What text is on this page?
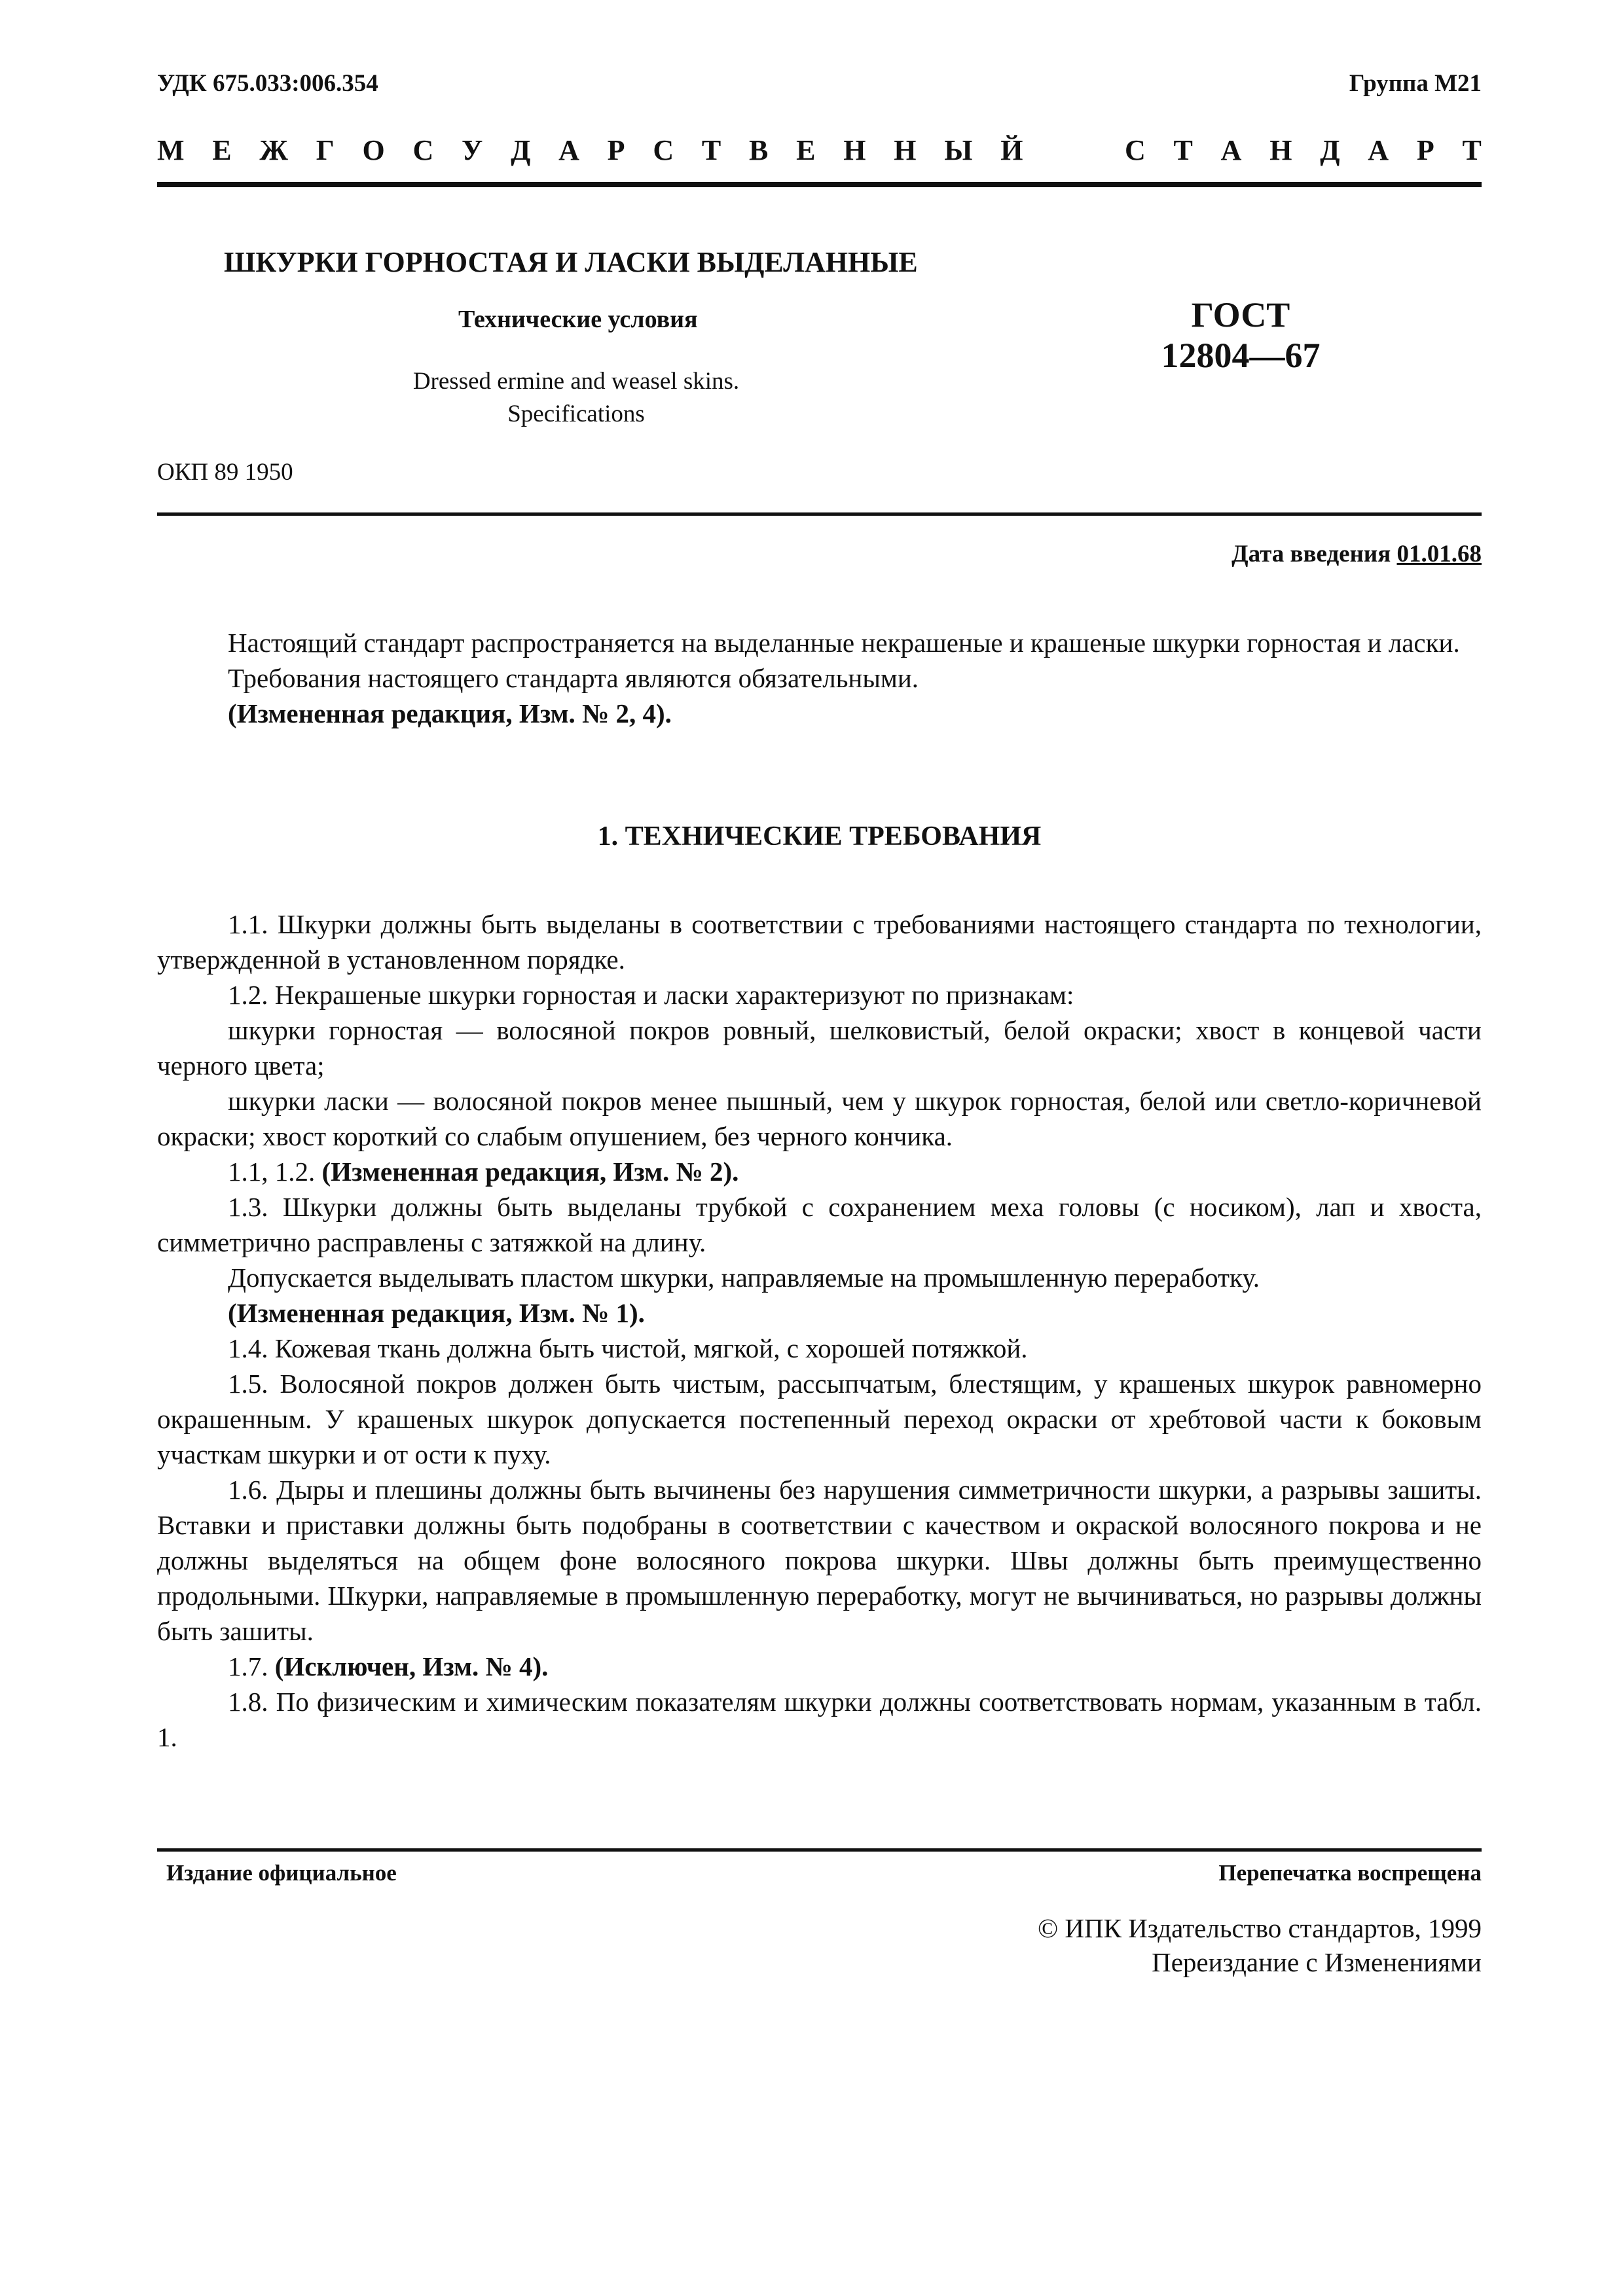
УДК 675.033:006.354	Группа М21
М Е Ж Г О С У Д А Р С Т В Е Н Н Ы Й	С Т А Н Д А Р Т
ШКУРКИ ГОРНОСТАЯ И ЛАСКИ ВЫДЕЛАННЫЕ
Технические условия
Dressed ermine and weasel skins.
Specifications
ГОСТ
12804—67
ОКП 89 1950
Дата введения 01.01.68

Настоящий стандарт распространяется на выделанные некрашеные и крашеные шкурки горностая и ласки.

Требования настоящего стандарта являются обязательными.

(Измененная редакция, Изм. № 2, 4).

1. ТЕХНИЧЕСКИЕ ТРЕБОВАНИЯ

1.1. Шкурки должны быть выделаны в соответствии с требованиями настоящего стандарта по технологии, утвержденной в установленном порядке.

1.2. Некрашеные шкурки горностая и ласки характеризуют по признакам:

шкурки горностая — волосяной покров ровный, шелковистый, белой окраски; хвост в концевой части черного цвета;

шкурки ласки — волосяной покров менее пышный, чем у шкурок горностая, белой или светло-коричневой окраски; хвост короткий со слабым опушением, без черного кончика.

1.1, 1.2. (Измененная редакция, Изм. № 2).

1.3. Шкурки должны быть выделаны трубкой с сохранением меха головы (с носиком), лап и хвоста, симметрично расправлены с затяжкой на длину.

Допускается выделывать пластом шкурки, направляемые на промышленную переработку.

(Измененная редакция, Изм. № 1).

1.4. Кожевая ткань должна быть чистой, мягкой, с хорошей потяжкой.

1.5. Волосяной покров должен быть чистым, рассыпчатым, блестящим, у крашеных шкурок равномерно окрашенным. У крашеных шкурок допускается постепенный переход окраски от хребтовой части к боковым участкам шкурки и от ости к пуху.

1.6. Дыры и плешины должны быть вычинены без нарушения симметричности шкурки, а разрывы зашиты. Вставки и приставки должны быть подобраны в соответствии с качеством и окраской волосяного покрова и не должны выделяться на общем фоне волосяного покрова шкурки. Швы должны быть преимущественно продольными. Шкурки, направляемые в промышленную переработку, могут не вычиниваться, но разрывы должны быть зашиты.

1.7. (Исключен, Изм. № 4).

1.8. По физическим и химическим показателям шкурки должны соответствовать нормам, указанным в табл. 1.

Издание официальное	Перепечатка воспрещена
© ИПК Издательство стандартов, 1999
Переиздание с Изменениями
